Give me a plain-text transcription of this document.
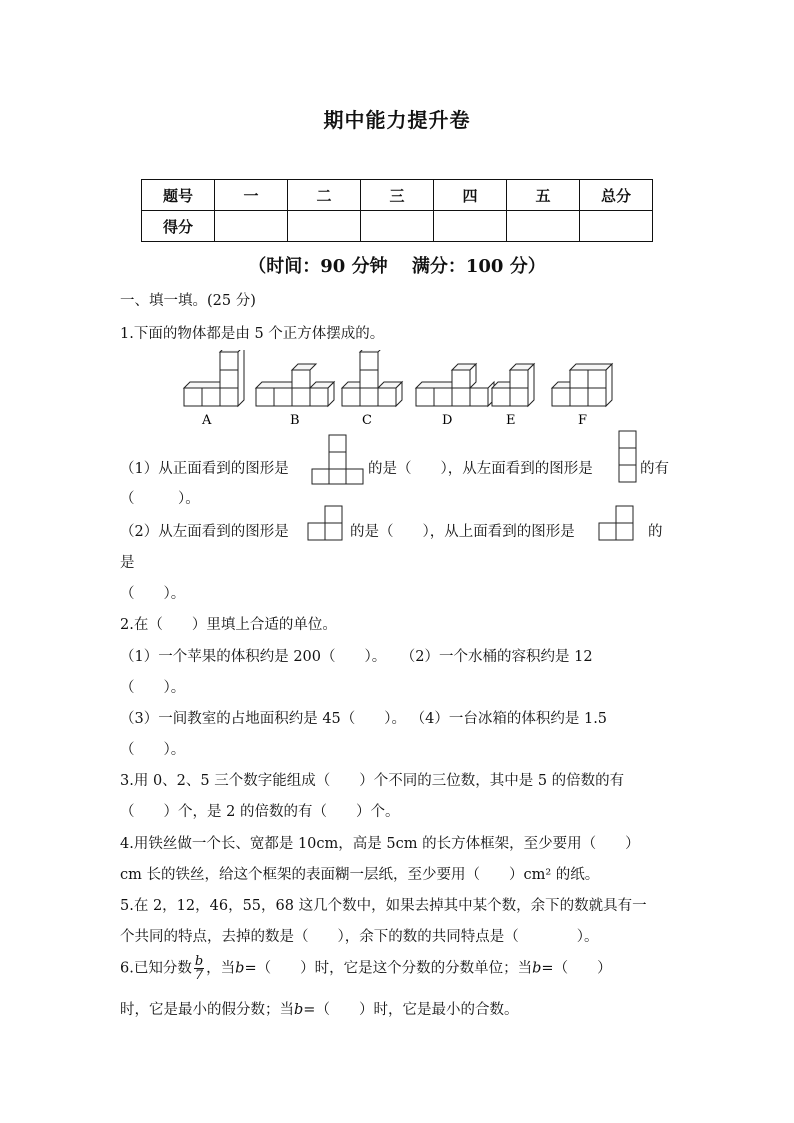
期中能力提升卷
题号	一	二	三	四	五	总分
得分						
（时间：90 分钟　 满分：100 分）
一、填一填。(25 分)
1.下面的物体都是由 5 个正方体摆成的。
A	B	C	D	E	F
（1）从正面看到的图形是	的是（　　），从左面看到的图形是	的有
（　　　）。
（2）从左面看到的图形是	的是（　　），从上面看到的图形是	的
是
（　　）。
2.在（　　）里填上合适的单位。
（1）一个苹果的体积约是 200（　　）。　　（2）一个水桶的容积约是 12
（　　）。
（3）一间教室的占地面积约是 45（　　）。 （4）一台冰箱的体积约是 1.5
（　　）。
3.用 0、2、5 三个数字能组成（　　）个不同的三位数，其中是 5 的倍数的有
（　　）个，是 2 的倍数的有（　　）个。
4.用铁丝做一个长、宽都是 10cm，高是 5cm 的长方体框架，至少要用（　　）
cm 长的铁丝，给这个框架的表面糊一层纸，至少要用（　　）cm² 的纸。
5.在 2，12，46，55，68 这几个数中，如果去掉其中某个数，余下的数就具有一
个共同的特点，去掉的数是（　　），余下的数的共同特点是（　　　　）。
6.已知分数 $\frac{b}{7}$ ，当b=（　　）时，它是这个分数的分数单位；当b=（　　）
时，它是最小的假分数；当b=（　　）时，它是最小的合数。
